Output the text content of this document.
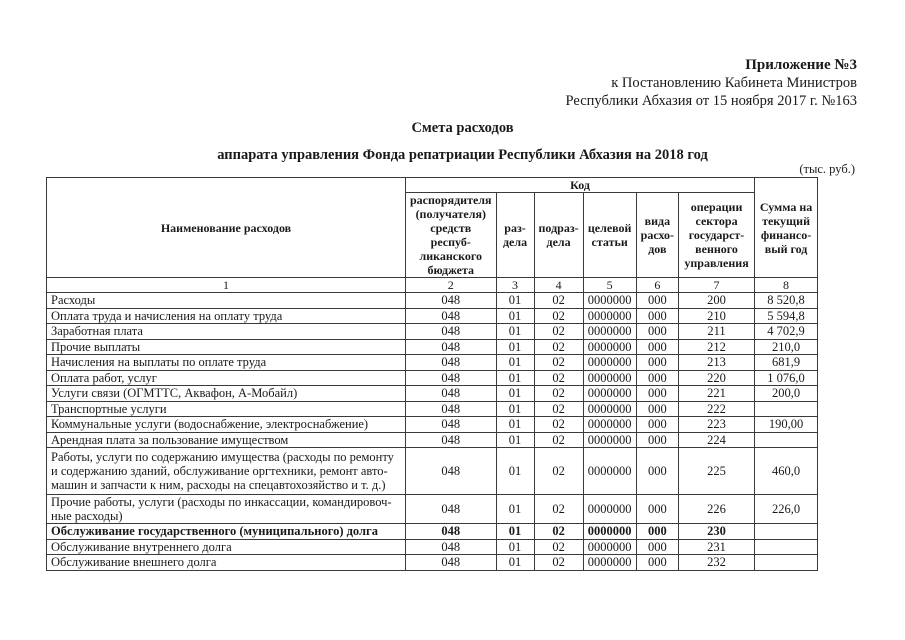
Приложение №3
к Постановлению Кабинета Министров
Республики Абхазия от 15 ноября 2017 г. №163
Смета расходов
аппарата управления Фонда репатриации Республики Абхазия на 2018 год
(тыс. руб.)
Наименование расходов	Код						Сумма на текущий финансо-вый год
	распорядителя (получателя) средств респуб-ликанского бюджета	раз-дела	подраз-дела	целевой статьи	вида расхо-дов	операции сектора государст-венного управления	
1	2	3	4	5	6	7	8
Расходы	048	01	02	0000000	000	200	8 520,8
Оплата труда и начисления на оплату труда	048	01	02	0000000	000	210	5 594,8
Заработная плата	048	01	02	0000000	000	211	4 702,9
Прочие выплаты	048	01	02	0000000	000	212	210,0
Начисления на выплаты по оплате труда	048	01	02	0000000	000	213	681,9
Оплата работ, услуг	048	01	02	0000000	000	220	1 076,0
Услуги связи (ОГМТТС, Аквафон, А-Мобайл)	048	01	02	0000000	000	221	200,0
Транспортные услуги	048	01	02	0000000	000	222	
Коммунальные услуги (водоснабжение, электроснабжение)	048	01	02	0000000	000	223	190,00
Арендная плата за пользование имуществом	048	01	02	0000000	000	224	
Работы, услуги по содержанию имущества (расходы по ремонту и содержанию зданий, обслуживание оргтехники, ремонт авто-машин и запчасти к ним, расходы на спецавтохозяйство и т. д.)	048	01	02	0000000	000	225	460,0
Прочие работы, услуги (расходы по инкассации, командировоч-ные расходы)	048	01	02	0000000	000	226	226,0
Обслуживание государственного (муниципального) долга	048	01	02	0000000	000	230	
Обслуживание внутреннего долга	048	01	02	0000000	000	231	
Обслуживание внешнего долга	048	01	02	0000000	000	232	
